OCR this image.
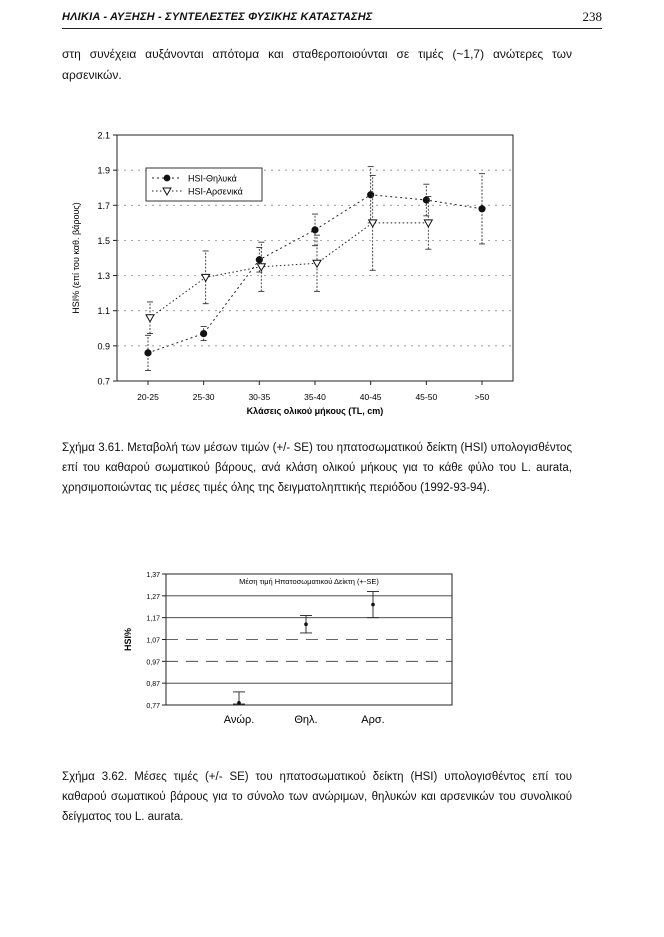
ΗΛΙΚΙΑ - ΑΥΞΗΣΗ - ΣΥΝΤΕΛΕΣΤΕΣ ΦΥΣΙΚΗΣ ΚΑΤΑΣΤΑΣΗΣ	238
στη συνέχεια αυξάνονται απότομα και σταθεροποιούνται σε τιμές (~1,7) ανώτερες των αρσενικών.
0.7
0.9
1.1
1.3
1.5
1.7
1.9
2.1
20-25	25-30	30-35	35-40	40-45	45-50	>50
Κλάσεις ολικού μήκους (TL, cm)
HSI% (επί του καθ. βάρους)
HSI-Θηλυκά
HSI-Αρσενικά
Σχήμα 3.61. Μεταβολή των μέσων τιμών (+/- SE) του ηπατοσωματικού δείκτη (HSI) υπολογισθέντος επί του καθαρού σωματικού βάρους, ανά κλάση ολικού μήκους για το κάθε φύλο του L. aurata, χρησιμοποιώντας τις μέσες τιμές όλης της δειγματοληπτικής περιόδου (1992-93-94).
1,37
1,27
1,17
1,07
0,97
0,87
0,77
HSI%
Μέση τιμή Ηπατοσωματικού Δείκτη (+-SE)
Ανώρ.	Θηλ.	Αρσ.
Σχήμα 3.62. Μέσες τιμές (+/- SE) του ηπατοσωματικού δείκτη (HSI) υπολογισθέντος επί του καθαρού σωματικού βάρους για το σύνολο των ανώριμων, θηλυκών και αρσενικών του συνολικού δείγματος του L. aurata.
